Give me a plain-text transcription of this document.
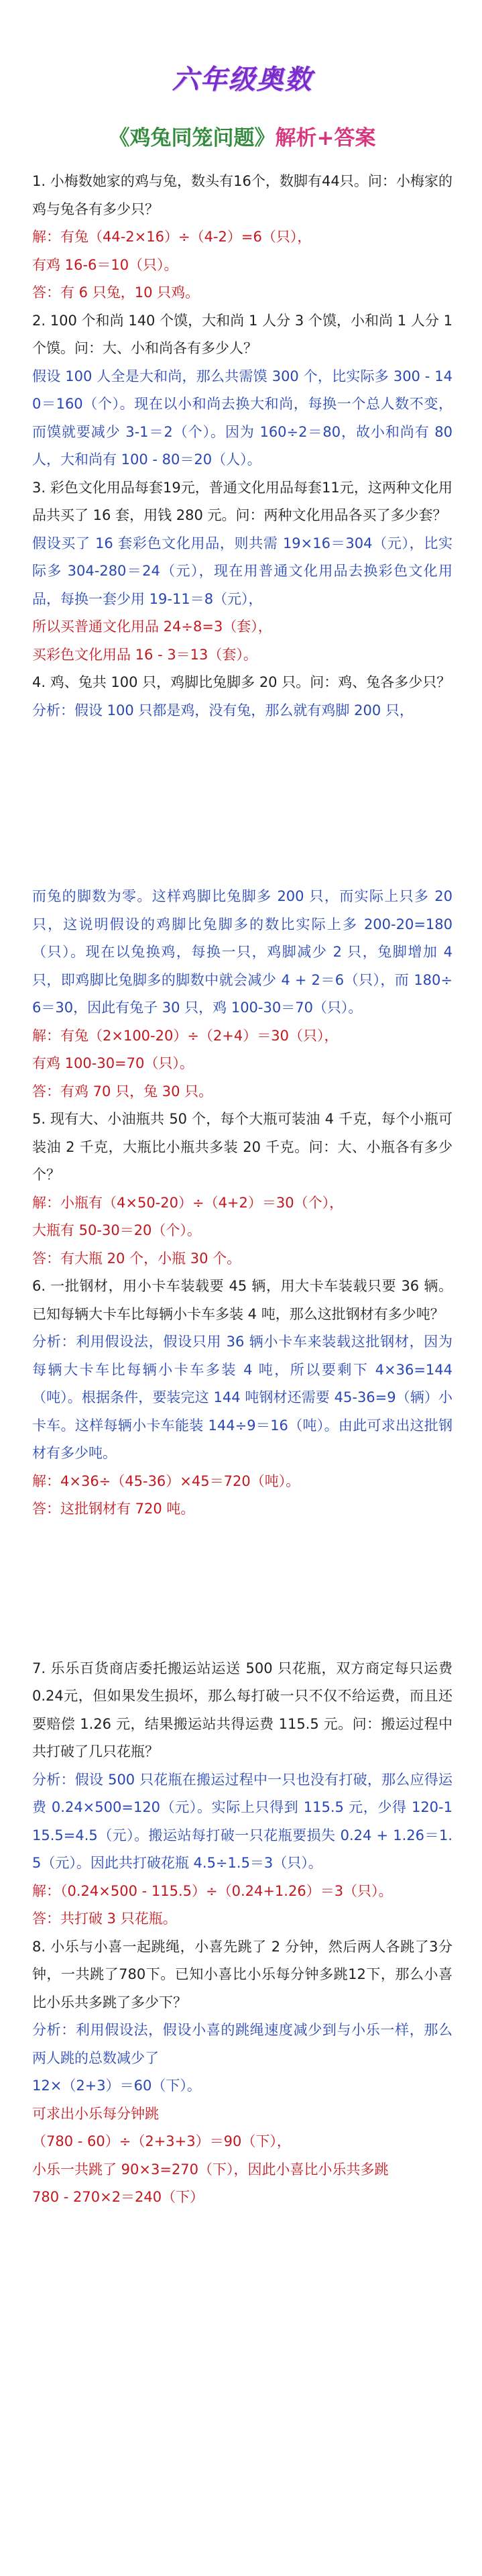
六年级奥数
《鸡兔同笼问题》解析+答案

1. 小梅数她家的鸡与兔，数头有16个，数脚有44只。问：小梅家的鸡与兔各有多少只？

解：有兔（44-2×16）÷（4-2）=6（只），

有鸡 16-6＝10（只）。

答：有 6 只兔，10 只鸡。

2. 100 个和尚 140 个馍，大和尚 1 人分 3 个馍，小和尚 1 人分 1 个馍。问：大、小和尚各有多少人？

假设 100 人全是大和尚，那么共需馍 300 个，比实际多 300 - 140＝160（个）。现在以小和尚去换大和尚，每换一个总人数不变，而馍就要减少 3-1＝2（个）。因为 160÷2＝80，故小和尚有 80 人，大和尚有 100 - 80＝20（人）。

3. 彩色文化用品每套19元，普通文化用品每套11元，这两种文化用品共买了 16 套，用钱 280 元。问：两种文化用品各买了多少套？

假设买了 16 套彩色文化用品，则共需 19×16＝304（元），比实际多 304-280＝24（元），现在用普通文化用品去换彩色文化用品，每换一套少用 19-11＝8（元），

所以买普通文化用品 24÷8=3（套），

买彩色文化用品 16 - 3＝13（套）。

4. 鸡、兔共 100 只，鸡脚比兔脚多 20 只。问：鸡、兔各多少只？

分析：假设 100 只都是鸡，没有兔，那么就有鸡脚 200 只，

而兔的脚数为零。这样鸡脚比兔脚多 200 只，而实际上只多 20 只，这说明假设的鸡脚比兔脚多的数比实际上多 200-20=180（只）。现在以兔换鸡，每换一只，鸡脚减少 2 只，兔脚增加 4 只，即鸡脚比兔脚多的脚数中就会减少 4 + 2＝6（只），而 180÷6＝30，因此有兔子 30 只，鸡 100-30＝70（只）。

解：有兔（2×100-20）÷（2+4）＝30（只），

有鸡 100-30=70（只）。

答：有鸡 70 只，兔 30 只。

5. 现有大、小油瓶共 50 个，每个大瓶可装油 4 千克，每个小瓶可装油 2 千克，大瓶比小瓶共多装 20 千克。问：大、小瓶各有多少个？

解：小瓶有（4×50-20）÷（4+2）＝30（个），

大瓶有 50-30＝20（个）。

答：有大瓶 20 个，小瓶 30 个。

6. 一批钢材，用小卡车装载要 45 辆，用大卡车装载只要 36 辆。已知每辆大卡车比每辆小卡车多装 4 吨，那么这批钢材有多少吨？

分析：利用假设法，假设只用 36 辆小卡车来装载这批钢材，因为每辆大卡车比每辆小卡车多装 4 吨，所以要剩下 4×36=144（吨）。根据条件，要装完这 144 吨钢材还需要 45-36=9（辆）小卡车。这样每辆小卡车能装 144÷9＝16（吨）。由此可求出这批钢材有多少吨。

解：4×36÷（45-36）×45＝720（吨）。

答：这批钢材有 720 吨。

7. 乐乐百货商店委托搬运站运送 500 只花瓶，双方商定每只运费 0.24元，但如果发生损坏，那么每打破一只不仅不给运费，而且还要赔偿 1.26 元，结果搬运站共得运费 115.5 元。问：搬运过程中共打破了几只花瓶？

分析：假设 500 只花瓶在搬运过程中一只也没有打破，那么应得运费 0.24×500=120（元）。实际上只得到 115.5 元，少得 120-115.5=4.5（元）。搬运站每打破一只花瓶要损失 0.24 + 1.26＝1.5（元）。因此共打破花瓶 4.5÷1.5＝3（只）。

解：（0.24×500 - 115.5）÷（0.24+1.26）＝3（只）。

答：共打破 3 只花瓶。

8. 小乐与小喜一起跳绳，小喜先跳了 2 分钟，然后两人各跳了3分钟，一共跳了780下。已知小喜比小乐每分钟多跳12下，那么小喜比小乐共多跳了多少下？

分析：利用假设法，假设小喜的跳绳速度减少到与小乐一样，那么两人跳的总数减少了

12×（2+3）＝60（下）。

可求出小乐每分钟跳

（780 - 60）÷（2+3+3）＝90（下），

小乐一共跳了 90×3=270（下），因此小喜比小乐共多跳

780 - 270×2＝240（下）
